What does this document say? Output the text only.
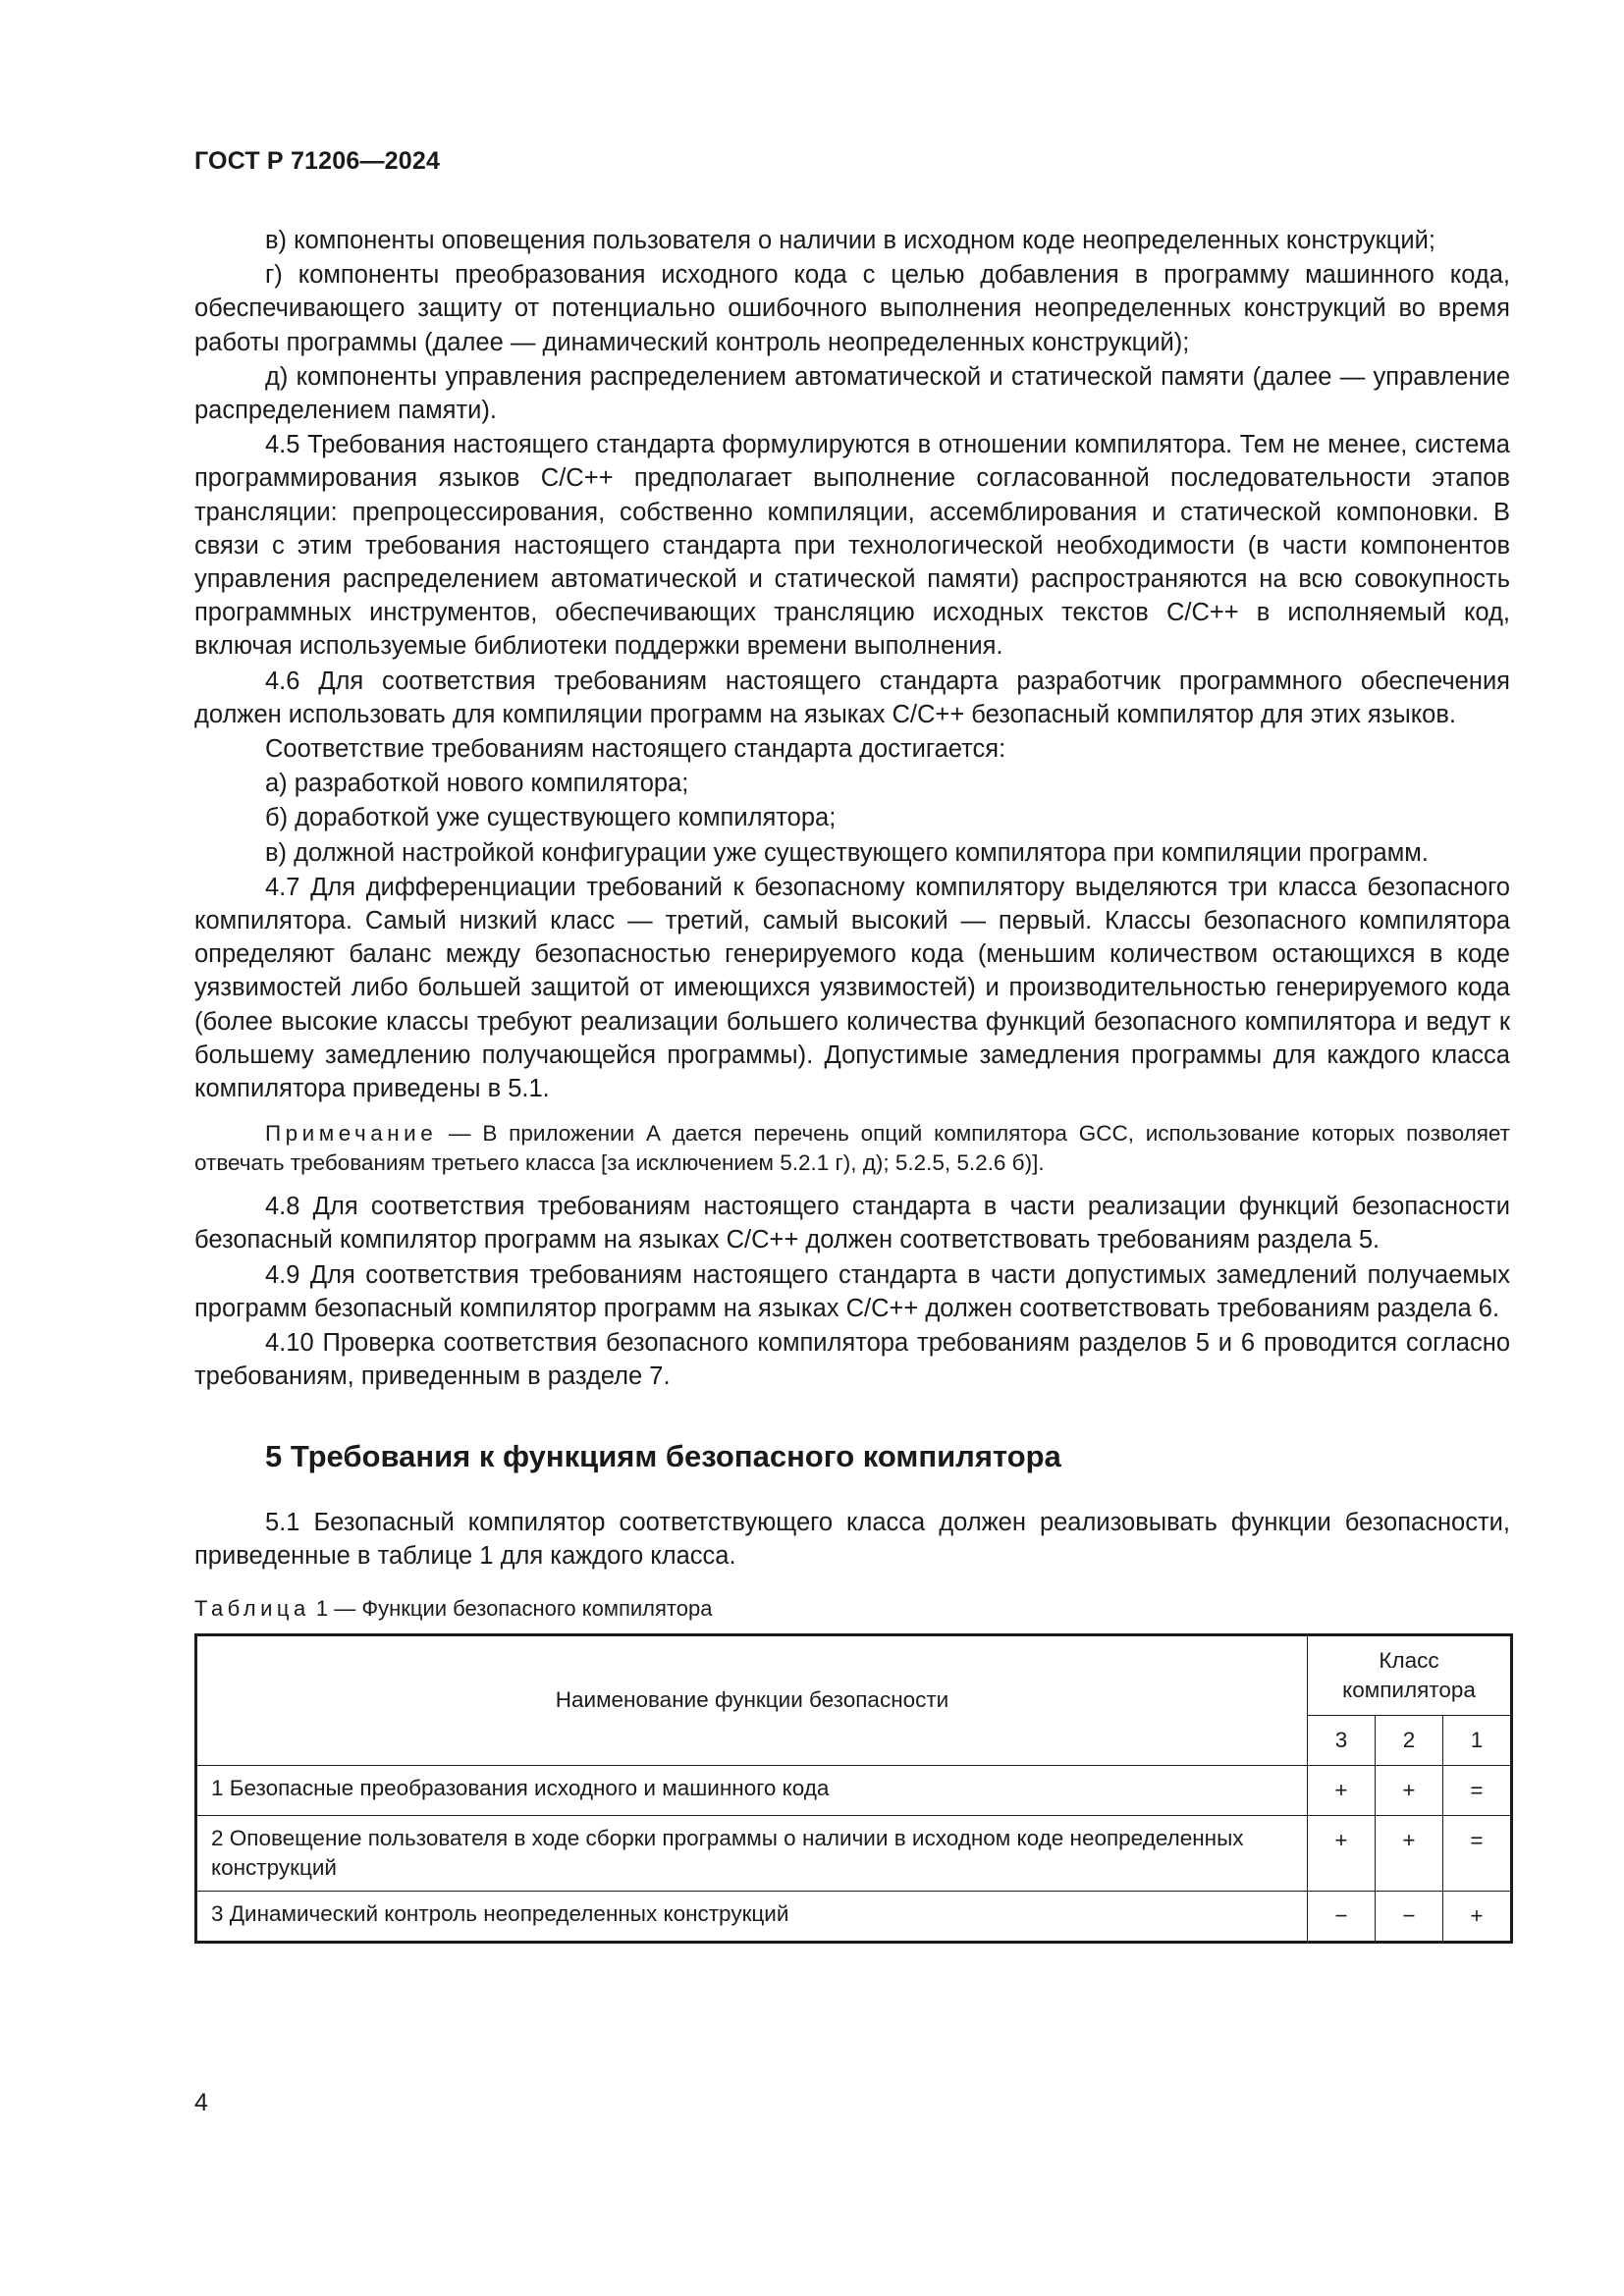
ГОСТ Р 71206—2024

в) компоненты оповещения пользователя о наличии в исходном коде неопределенных конструкций;

г) компоненты преобразования исходного кода с целью добавления в программу машинного кода, обеспечивающего защиту от потенциально ошибочного выполнения неопределенных конструкций во время работы программы (далее — динамический контроль неопределенных конструкций);

д) компоненты управления распределением автоматической и статической памяти (далее — управление распределением памяти).

4.5 Требования настоящего стандарта формулируются в отношении компилятора. Тем не менее, система программирования языков С/С++ предполагает выполнение согласованной последовательности этапов трансляции: препроцессирования, собственно компиляции, ассемблирования и статической компоновки. В связи с этим требования настоящего стандарта при технологической необходимости (в части компонентов управления распределением автоматической и статической памяти) распространяются на всю совокупность программных инструментов, обеспечивающих трансляцию исходных текстов С/С++ в исполняемый код, включая используемые библиотеки поддержки времени выполнения.

4.6 Для соответствия требованиям настоящего стандарта разработчик программного обеспечения должен использовать для компиляции программ на языках С/С++ безопасный компилятор для этих языков.

Соответствие требованиям настоящего стандарта достигается:

а) разработкой нового компилятора;

б) доработкой уже существующего компилятора;

в) должной настройкой конфигурации уже существующего компилятора при компиляции программ.

4.7 Для дифференциации требований к безопасному компилятору выделяются три класса безопасного компилятора. Самый низкий класс — третий, самый высокий — первый. Классы безопасного компилятора определяют баланс между безопасностью генерируемого кода (меньшим количеством остающихся в коде уязвимостей либо большей защитой от имеющихся уязвимостей) и производительностью генерируемого кода (более высокие классы требуют реализации большего количества функций безопасного компилятора и ведут к большему замедлению получающейся программы). Допустимые замедления программы для каждого класса компилятора приведены в 5.1.

Примечание — В приложении А дается перечень опций компилятора GCC, использование которых позволяет отвечать требованиям третьего класса [за исключением 5.2.1 г), д); 5.2.5, 5.2.6 б)].

4.8 Для соответствия требованиям настоящего стандарта в части реализации функций безопасности безопасный компилятор программ на языках С/С++ должен соответствовать требованиям раздела 5.

4.9 Для соответствия требованиям настоящего стандарта в части допустимых замедлений получаемых программ безопасный компилятор программ на языках С/С++ должен соответствовать требованиям раздела 6.

4.10 Проверка соответствия безопасного компилятора требованиям разделов 5 и 6 проводится согласно требованиям, приведенным в разделе 7.

5 Требования к функциям безопасного компилятора

5.1 Безопасный компилятор соответствующего класса должен реализовывать функции безопасности, приведенные в таблице 1 для каждого класса.

Таблица 1 — Функции безопасного компилятора
Наименование функции безопасности	Класс компилятора		
	3	2	1
1 Безопасные преобразования исходного и машинного кода	+	+	=
2 Оповещение пользователя в ходе сборки программы о наличии в исходном коде неопределенных конструкций	+	+	=
3 Динамический контроль неопределенных конструкций	−	−	+
4
